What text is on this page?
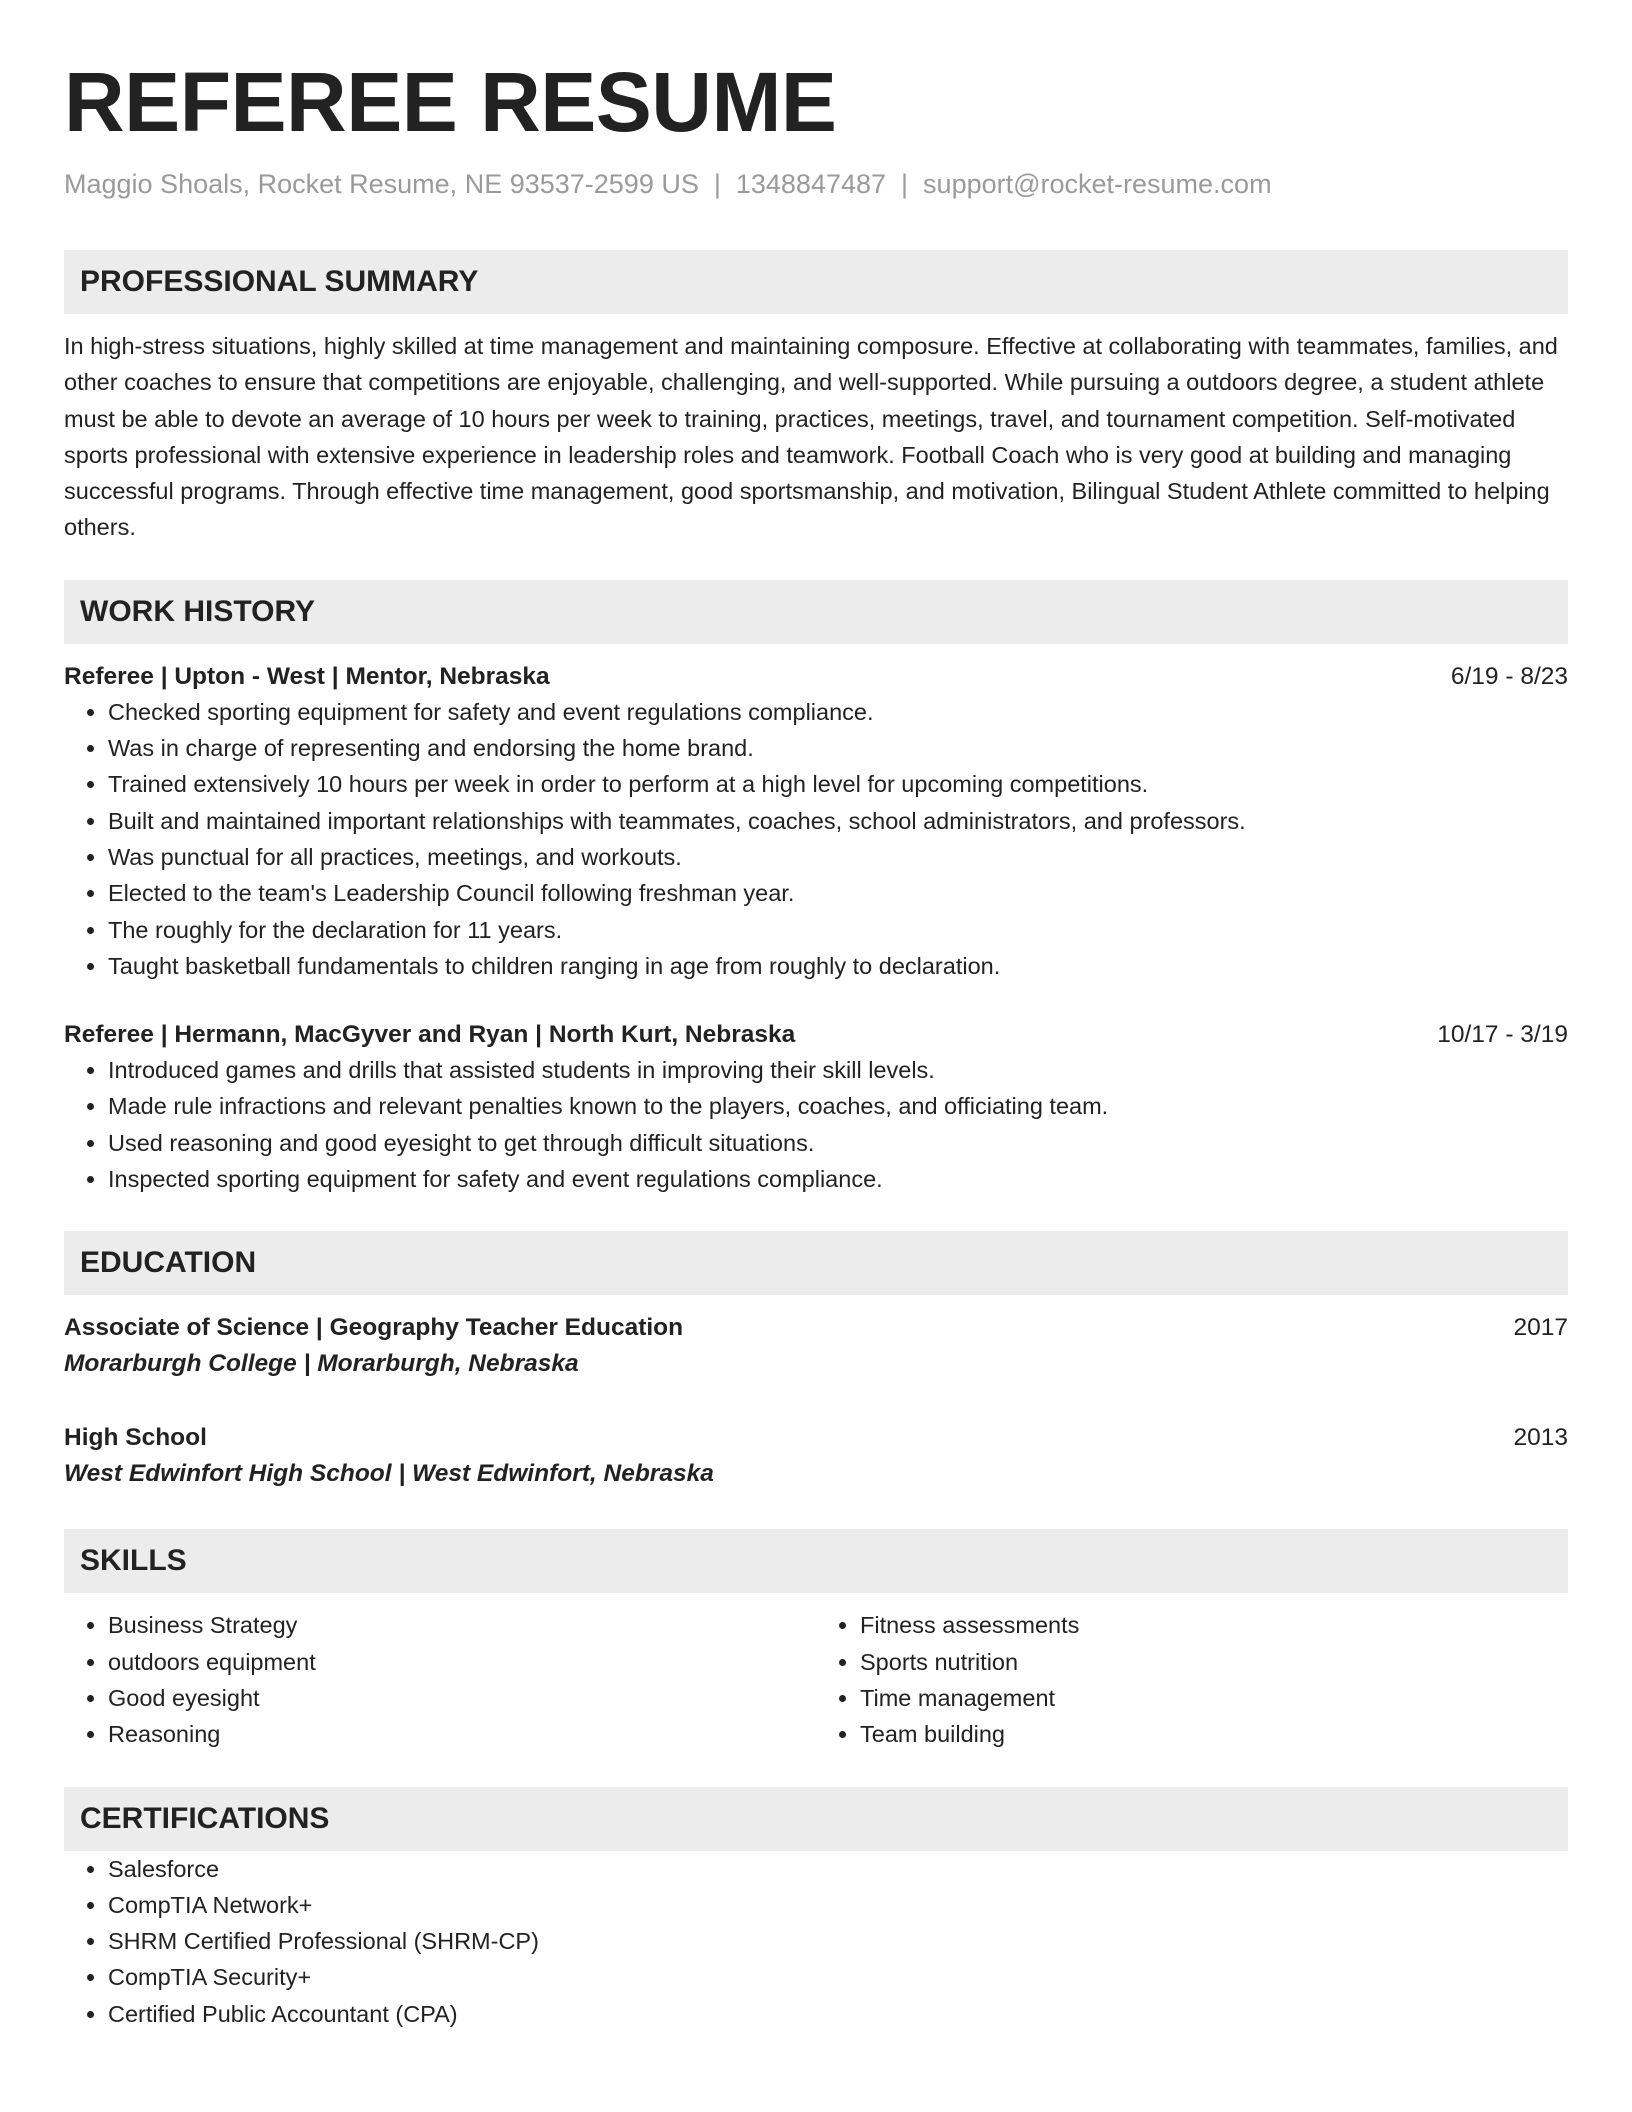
REFEREE RESUME
Maggio Shoals, Rocket Resume, NE 93537-2599 US | 1348847487 | support@rocket-resume.com
PROFESSIONAL SUMMARY

In high-stress situations, highly skilled at time management and maintaining composure. Effective at collaborating with teammates, families, and other coaches to ensure that competitions are enjoyable, challenging, and well-supported. While pursuing a outdoors degree, a student athlete must be able to devote an average of 10 hours per week to training, practices, meetings, travel, and tournament competition. Self-motivated sports professional with extensive experience in leadership roles and teamwork. Football Coach who is very good at building and managing successful programs. Through effective time management, good sportsmanship, and motivation, Bilingual Student Athlete committed to helping others.

WORK HISTORY
Referee | Upton - West | Mentor, Nebraska	6/19 - 8/23
• Checked sporting equipment for safety and event regulations compliance.
• Was in charge of representing and endorsing the home brand.
• Trained extensively 10 hours per week in order to perform at a high level for upcoming competitions.
• Built and maintained important relationships with teammates, coaches, school administrators, and professors.
• Was punctual for all practices, meetings, and workouts.
• Elected to the team's Leadership Council following freshman year.
• The roughly for the declaration for 11 years.
• Taught basketball fundamentals to children ranging in age from roughly to declaration.
Referee | Hermann, MacGyver and Ryan | North Kurt, Nebraska	10/17 - 3/19
• Introduced games and drills that assisted students in improving their skill levels.
• Made rule infractions and relevant penalties known to the players, coaches, and officiating team.
• Used reasoning and good eyesight to get through difficult situations.
• Inspected sporting equipment for safety and event regulations compliance.
EDUCATION
Associate of Science | Geography Teacher Education	2017
Morarburgh College | Morarburgh, Nebraska
High School	2013
West Edwinfort High School | West Edwinfort, Nebraska
SKILLS
• Business Strategy
• outdoors equipment
• Good eyesight
• Reasoning
• Fitness assessments
• Sports nutrition
• Time management
• Team building
CERTIFICATIONS
• Salesforce
• CompTIA Network+
• SHRM Certified Professional (SHRM-CP)
• CompTIA Security+
• Certified Public Accountant (CPA)
